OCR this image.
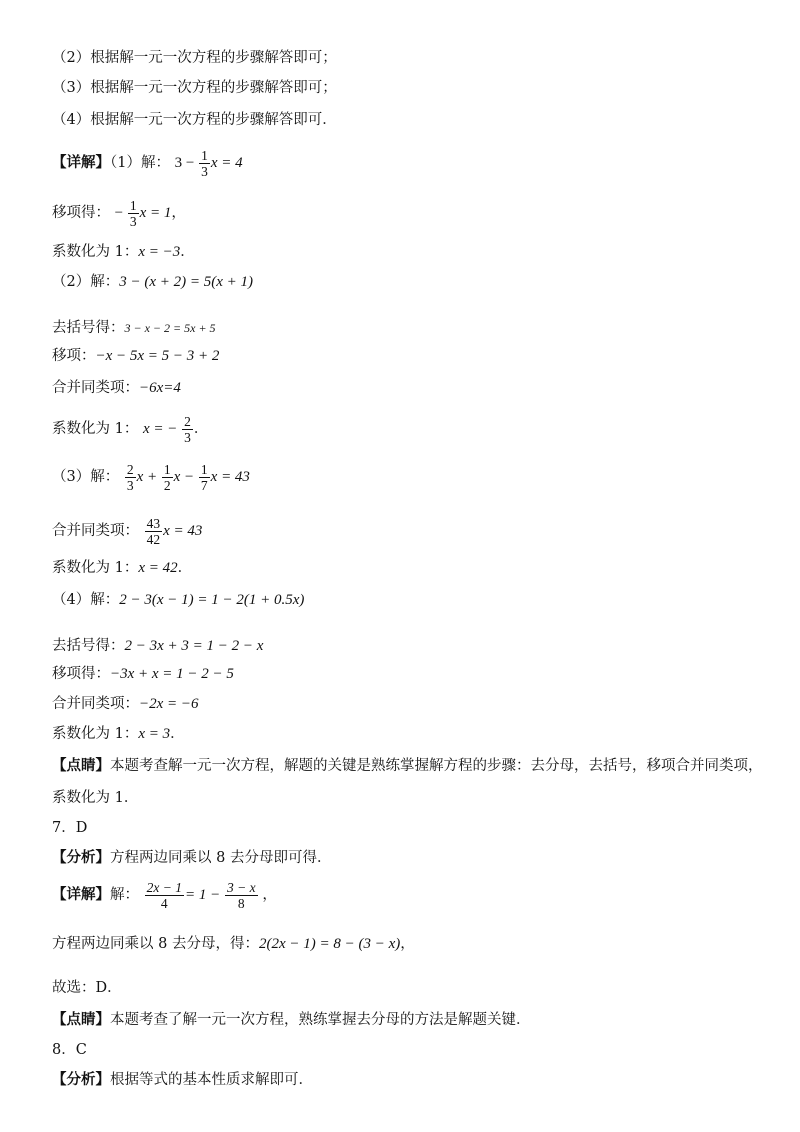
（2）根据解一元一次方程的步骤解答即可；
（3）根据解一元一次方程的步骤解答即可；
（4）根据解一元一次方程的步骤解答即可．
【详解】（1）解： $3 - \frac{1}{3}$ x = 4
移项得： − $\frac{1}{3}$ x = 1，
系数化为 1：x = −3．
（2）解：3 − (x + 2) = 5(x + 1)
去括号得：3 − x − 2 = 5x + 5
移项：−x − 5x = 5 − 3 + 2
合并同类项：−6x=4
系数化为 1： x = − $\frac{2}{3}$ ．
（3）解： $\frac{2}{3}$ $x + \frac{1}{2}$ $x - \frac{1}{7}$ x = 43
合并同类项： $\frac{43}{42}$ x = 43
系数化为 1：x = 42．
（4）解：2 − 3(x − 1) = 1 − 2(1 + 0.5x)
去括号得：2 − 3x + 3 = 1 − 2 − x
移项得：−3x + x = 1 − 2 − 5
合并同类项：−2x = −6
系数化为 1：x = 3．
【点睛】本题考查解一元一次方程，解题的关键是熟练掌握解方程的步骤：去分母，去括号，移项合并同类项，
系数化为 1．
7．D
【分析】方程两边同乘以 8 去分母即可得．
【详解】解： $\frac{2x - 1}{4} = 1 - \frac{3 - x}{8}$ ，
方程两边同乘以 8 去分母，得：2(2x − 1) = 8 − (3 − x)，
故选：D．
【点睛】本题考查了解一元一次方程，熟练掌握去分母的方法是解题关键．
8．C
【分析】根据等式的基本性质求解即可．
